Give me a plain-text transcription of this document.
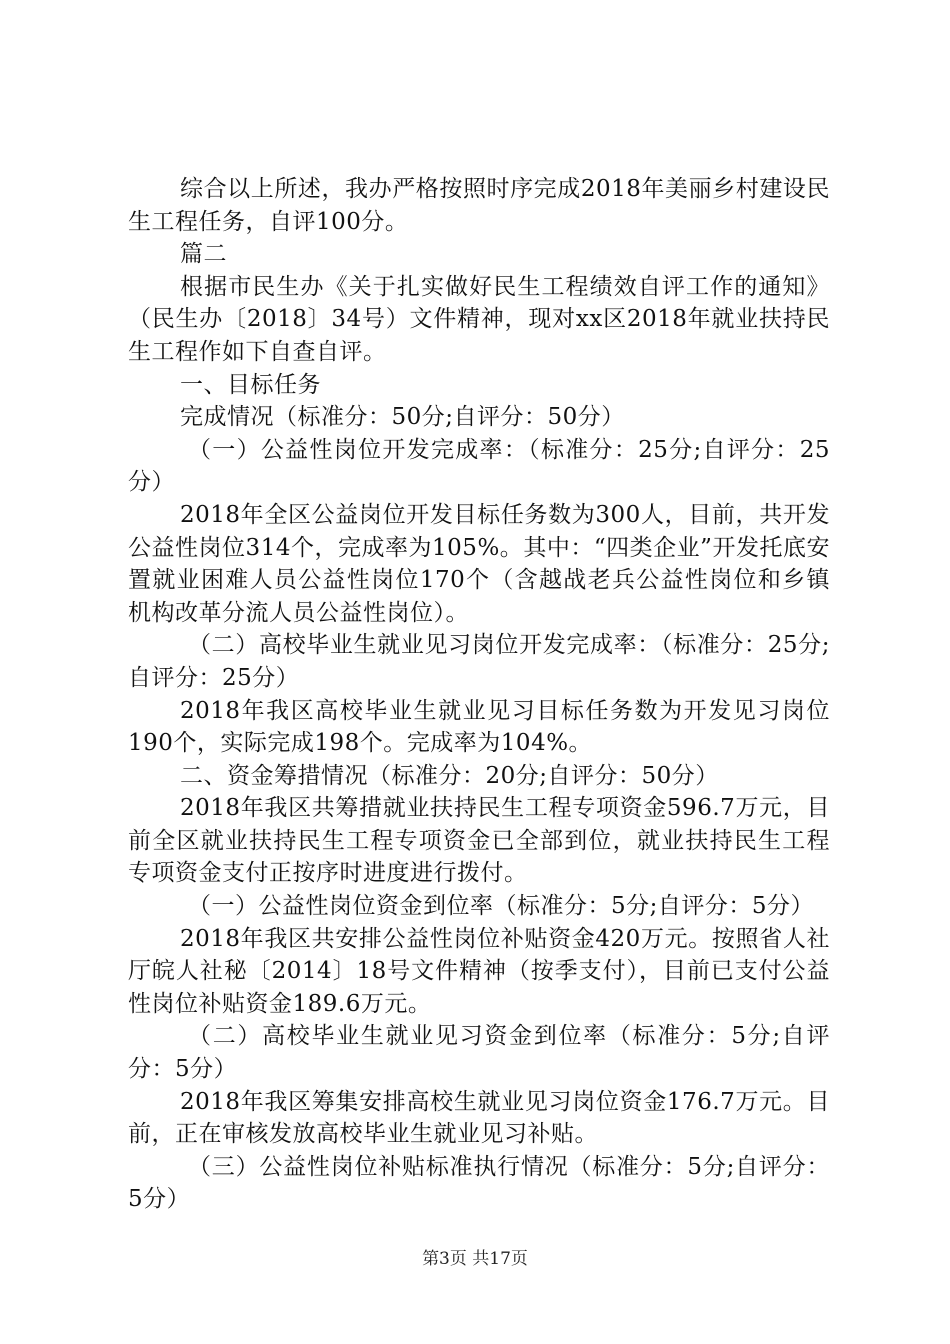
综合以上所述，我办严格按照时序完成2018年美丽乡村建设民生工程任务，自评100分。

篇二

根据市民生办《关于扎实做好民生工程绩效自评工作的通知》（民生办〔2018〕34号）文件精神，现对xx区2018年就业扶持民生工程作如下自查自评。

一、目标任务

完成情况（标准分：50分;自评分：50分）

（一）公益性岗位开发完成率：（标准分：25分;自评分：25分）

2018年全区公益岗位开发目标任务数为300人，目前，共开发公益性岗位314个，完成率为105%。其中：“四类企业”开发托底安置就业困难人员公益性岗位170个（含越战老兵公益性岗位和乡镇机构改革分流人员公益性岗位）。

（二）高校毕业生就业见习岗位开发完成率：（标准分：25分;自评分：25分）

2018年我区高校毕业生就业见习目标任务数为开发见习岗位190个，实际完成198个。完成率为104%。

二、资金筹措情况（标准分：20分;自评分：50分）

2018年我区共筹措就业扶持民生工程专项资金596.7万元，目前全区就业扶持民生工程专项资金已全部到位，就业扶持民生工程专项资金支付正按序时进度进行拨付。

（一）公益性岗位资金到位率（标准分：5分;自评分：5分）

2018年我区共安排公益性岗位补贴资金420万元。按照省人社厅皖人社秘〔2014〕18号文件精神（按季支付），目前已支付公益性岗位补贴资金189.6万元。

（二）高校毕业生就业见习资金到位率（标准分：5分;自评分：5分）

2018年我区筹集安排高校生就业见习岗位资金176.7万元。目前，正在审核发放高校毕业生就业见习补贴。

（三）公益性岗位补贴标准执行情况（标准分：5分;自评分：5分）

第3页 共17页
